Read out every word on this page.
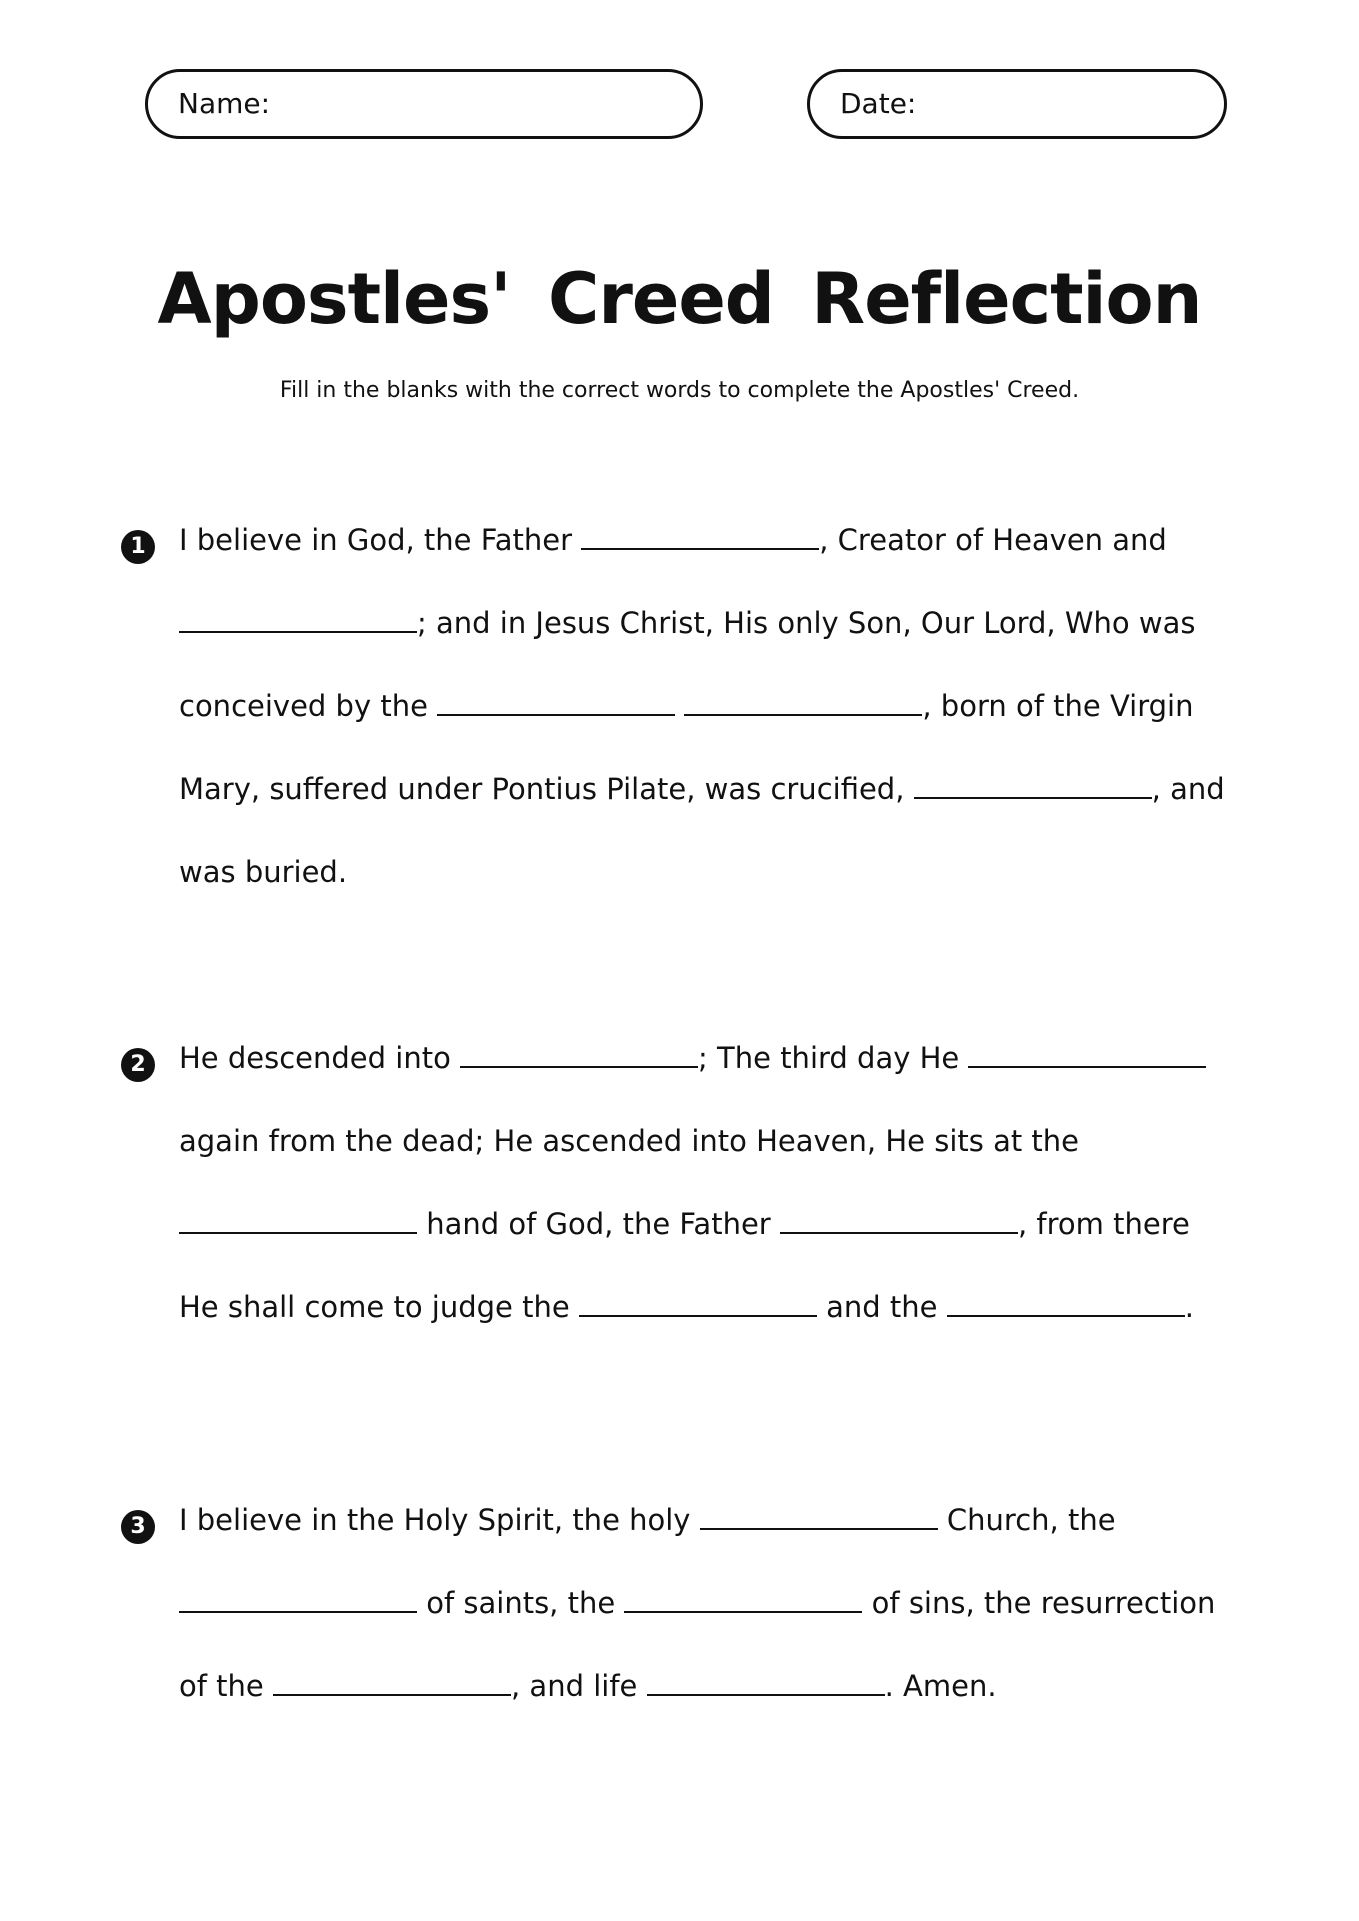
Name:	Date:
Apostles' Creed Reflection

Fill in the blanks with the correct words to complete the Apostles' Creed.

1	I believe in God, the Father	, Creator of Heaven and
; and in Jesus Christ, His only Son, Our Lord, Who was
conceived by the	, born of the Virgin
Mary, suffered under Pontius Pilate, was crucified,	, and
was buried.
2	He descended into	; The third day He
again from the dead; He ascended into Heaven, He sits at the
hand of God, the Father	, from there
He shall come to judge the	and the	.
3	I believe in the Holy Spirit, the holy	Church, the
of saints, the	of sins, the resurrection
of the	, and life	. Amen.
